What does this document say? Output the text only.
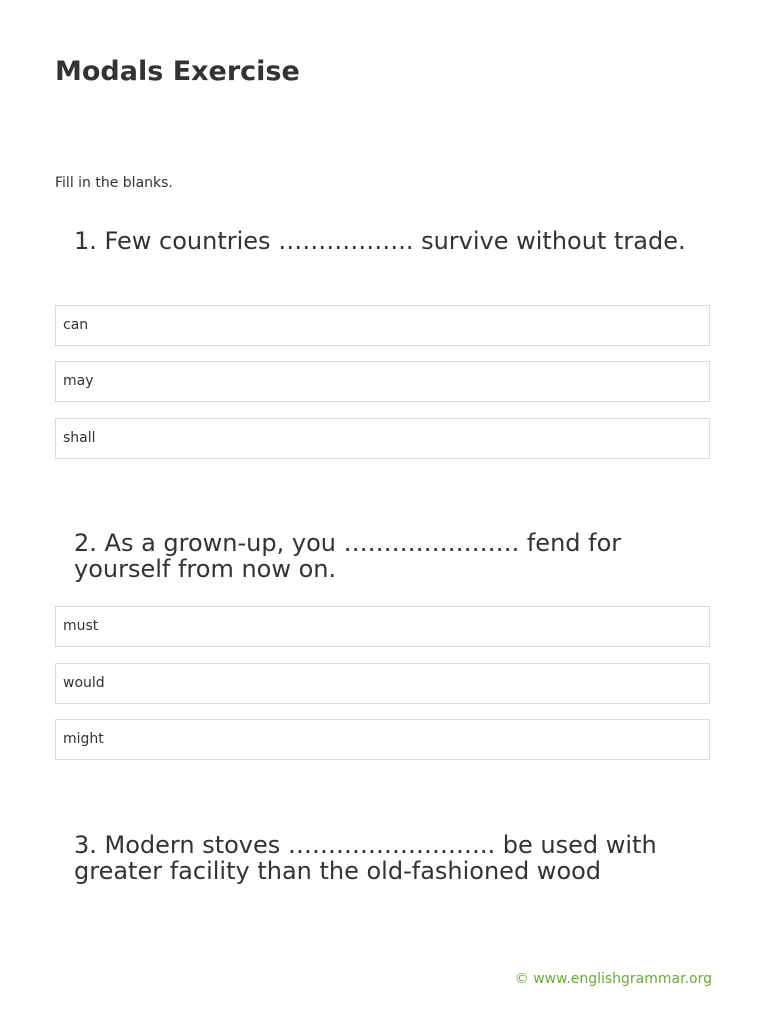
Modals Exercise

Fill in the blanks.

1. Few countries …………….. survive without trade.
can
may
shall
2. As a grown-up, you …………………. fend for yourself from now on.
must
would
might
3. Modern stoves …………………….. be used with greater facility than the old-fashioned wood
© www.englishgrammar.org
